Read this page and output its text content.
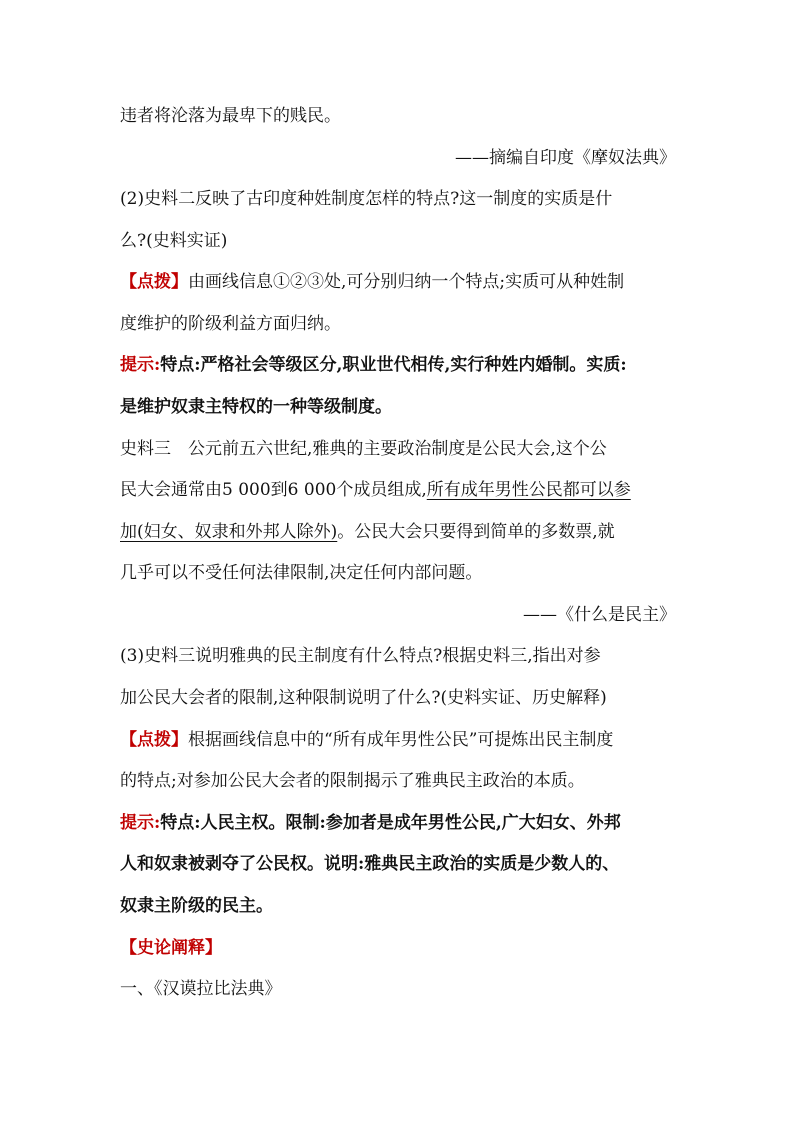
违者将沦落为最卑下的贱民。
——摘编自印度《摩奴法典》
(2)史料二反映了古印度种姓制度怎样的特点?这一制度的实质是什
么?(史料实证)
【点拨】由画线信息①②③处,可分别归纳一个特点;实质可从种姓制
度维护的阶级利益方面归纳。
提示:特点:严格社会等级区分,职业世代相传,实行种姓内婚制。实质:
是维护奴隶主特权的一种等级制度。
史料三　公元前五六世纪,雅典的主要政治制度是公民大会,这个公
民大会通常由5 000到6 000个成员组成,所有成年男性公民都可以参
加(妇女、奴隶和外邦人除外)。公民大会只要得到简单的多数票,就
几乎可以不受任何法律限制,决定任何内部问题。
——《什么是民主》
(3)史料三说明雅典的民主制度有什么特点?根据史料三,指出对参
加公民大会者的限制,这种限制说明了什么?(史料实证、历史解释)
【点拨】根据画线信息中的“所有成年男性公民”可提炼出民主制度
的特点;对参加公民大会者的限制揭示了雅典民主政治的本质。
提示:特点:人民主权。限制:参加者是成年男性公民,广大妇女、外邦
人和奴隶被剥夺了公民权。说明:雅典民主政治的实质是少数人的、
奴隶主阶级的民主。
【史论阐释】
一、《汉谟拉比法典》
